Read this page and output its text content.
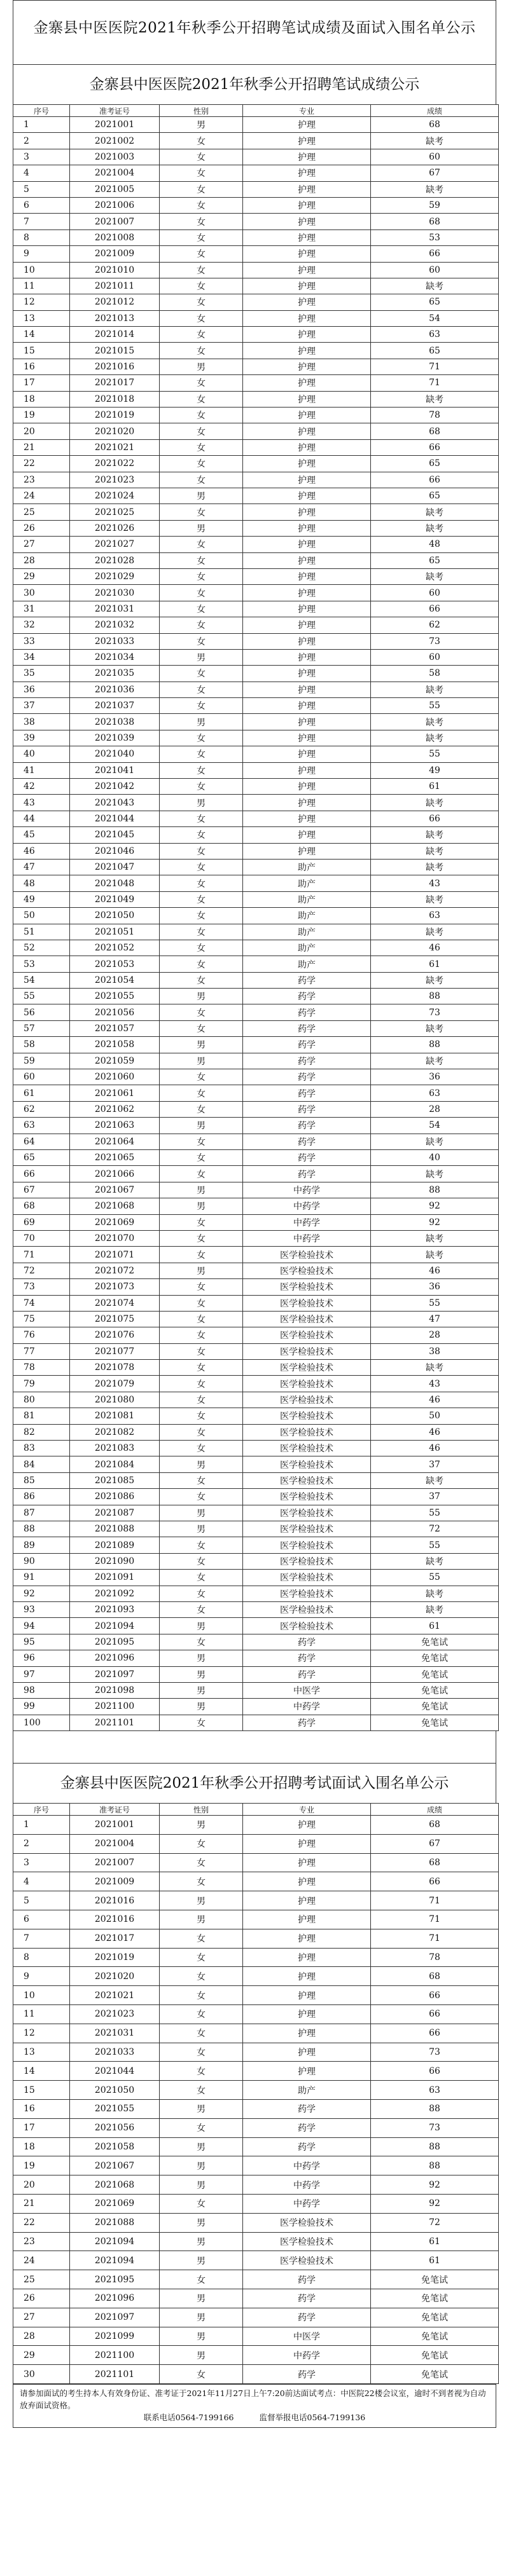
金寨县中医医院2021年秋季公开招聘笔试成绩及面试入围名单公示
金寨县中医医院2021年秋季公开招聘笔试成绩公示
序号	准考证号	性别	专业	成绩
1	2021001	男	护理	68
2	2021002	女	护理	缺考
3	2021003	女	护理	60
4	2021004	女	护理	67
5	2021005	女	护理	缺考
6	2021006	女	护理	59
7	2021007	女	护理	68
8	2021008	女	护理	53
9	2021009	女	护理	66
10	2021010	女	护理	60
11	2021011	女	护理	缺考
12	2021012	女	护理	65
13	2021013	女	护理	54
14	2021014	女	护理	63
15	2021015	女	护理	65
16	2021016	男	护理	71
17	2021017	女	护理	71
18	2021018	女	护理	缺考
19	2021019	女	护理	78
20	2021020	女	护理	68
21	2021021	女	护理	66
22	2021022	女	护理	65
23	2021023	女	护理	66
24	2021024	男	护理	65
25	2021025	女	护理	缺考
26	2021026	男	护理	缺考
27	2021027	女	护理	48
28	2021028	女	护理	65
29	2021029	女	护理	缺考
30	2021030	女	护理	60
31	2021031	女	护理	66
32	2021032	女	护理	62
33	2021033	女	护理	73
34	2021034	男	护理	60
35	2021035	女	护理	58
36	2021036	女	护理	缺考
37	2021037	女	护理	55
38	2021038	男	护理	缺考
39	2021039	女	护理	缺考
40	2021040	女	护理	55
41	2021041	女	护理	49
42	2021042	女	护理	61
43	2021043	男	护理	缺考
44	2021044	女	护理	66
45	2021045	女	护理	缺考
46	2021046	女	护理	缺考
47	2021047	女	助产	缺考
48	2021048	女	助产	43
49	2021049	女	助产	缺考
50	2021050	女	助产	63
51	2021051	女	助产	缺考
52	2021052	女	助产	46
53	2021053	女	助产	61
54	2021054	女	药学	缺考
55	2021055	男	药学	88
56	2021056	女	药学	73
57	2021057	女	药学	缺考
58	2021058	男	药学	88
59	2021059	男	药学	缺考
60	2021060	女	药学	36
61	2021061	女	药学	63
62	2021062	女	药学	28
63	2021063	男	药学	54
64	2021064	女	药学	缺考
65	2021065	女	药学	40
66	2021066	女	药学	缺考
67	2021067	男	中药学	88
68	2021068	男	中药学	92
69	2021069	女	中药学	92
70	2021070	女	中药学	缺考
71	2021071	女	医学检验技术	缺考
72	2021072	男	医学检验技术	46
73	2021073	女	医学检验技术	36
74	2021074	女	医学检验技术	55
75	2021075	女	医学检验技术	47
76	2021076	女	医学检验技术	28
77	2021077	女	医学检验技术	38
78	2021078	女	医学检验技术	缺考
79	2021079	女	医学检验技术	43
80	2021080	女	医学检验技术	46
81	2021081	女	医学检验技术	50
82	2021082	女	医学检验技术	46
83	2021083	女	医学检验技术	46
84	2021084	男	医学检验技术	37
85	2021085	女	医学检验技术	缺考
86	2021086	女	医学检验技术	37
87	2021087	男	医学检验技术	55
88	2021088	男	医学检验技术	72
89	2021089	女	医学检验技术	55
90	2021090	女	医学检验技术	缺考
91	2021091	女	医学检验技术	55
92	2021092	女	医学检验技术	缺考
93	2021093	女	医学检验技术	缺考
94	2021094	男	医学检验技术	61
95	2021095	女	药学	免笔试
96	2021096	男	药学	免笔试
97	2021097	男	药学	免笔试
98	2021098	男	中医学	免笔试
99	2021100	男	中药学	免笔试
100	2021101	女	药学	免笔试
金寨县中医医院2021年秋季公开招聘考试面试入围名单公示
序号	准考证号	性别	专业	成绩
1	2021001	男	护理	68
2	2021004	女	护理	67
3	2021007	女	护理	68
4	2021009	女	护理	66
5	2021016	男	护理	71
6	2021016	男	护理	71
7	2021017	女	护理	71
8	2021019	女	护理	78
9	2021020	女	护理	68
10	2021021	女	护理	66
11	2021023	女	护理	66
12	2021031	女	护理	66
13	2021033	女	护理	73
14	2021044	女	护理	66
15	2021050	女	助产	63
16	2021055	男	药学	88
17	2021056	女	药学	73
18	2021058	男	药学	88
19	2021067	男	中药学	88
20	2021068	男	中药学	92
21	2021069	女	中药学	92
22	2021088	男	医学检验技术	72
23	2021094	男	医学检验技术	61
24	2021094	男	医学检验技术	61
25	2021095	女	药学	免笔试
26	2021096	男	药学	免笔试
27	2021097	男	药学	免笔试
28	2021099	男	中医学	免笔试
29	2021100	男	中药学	免笔试
30	2021101	女	药学	免笔试
请参加面试的考生持本人有效身份证、准考证于2021年11月27日上午7:20前达面试考点：中医院22楼会议室，逾时不到者视为自动放弃面试资格。
联系电话0564-7199166	监督举报电话0564-7199136
